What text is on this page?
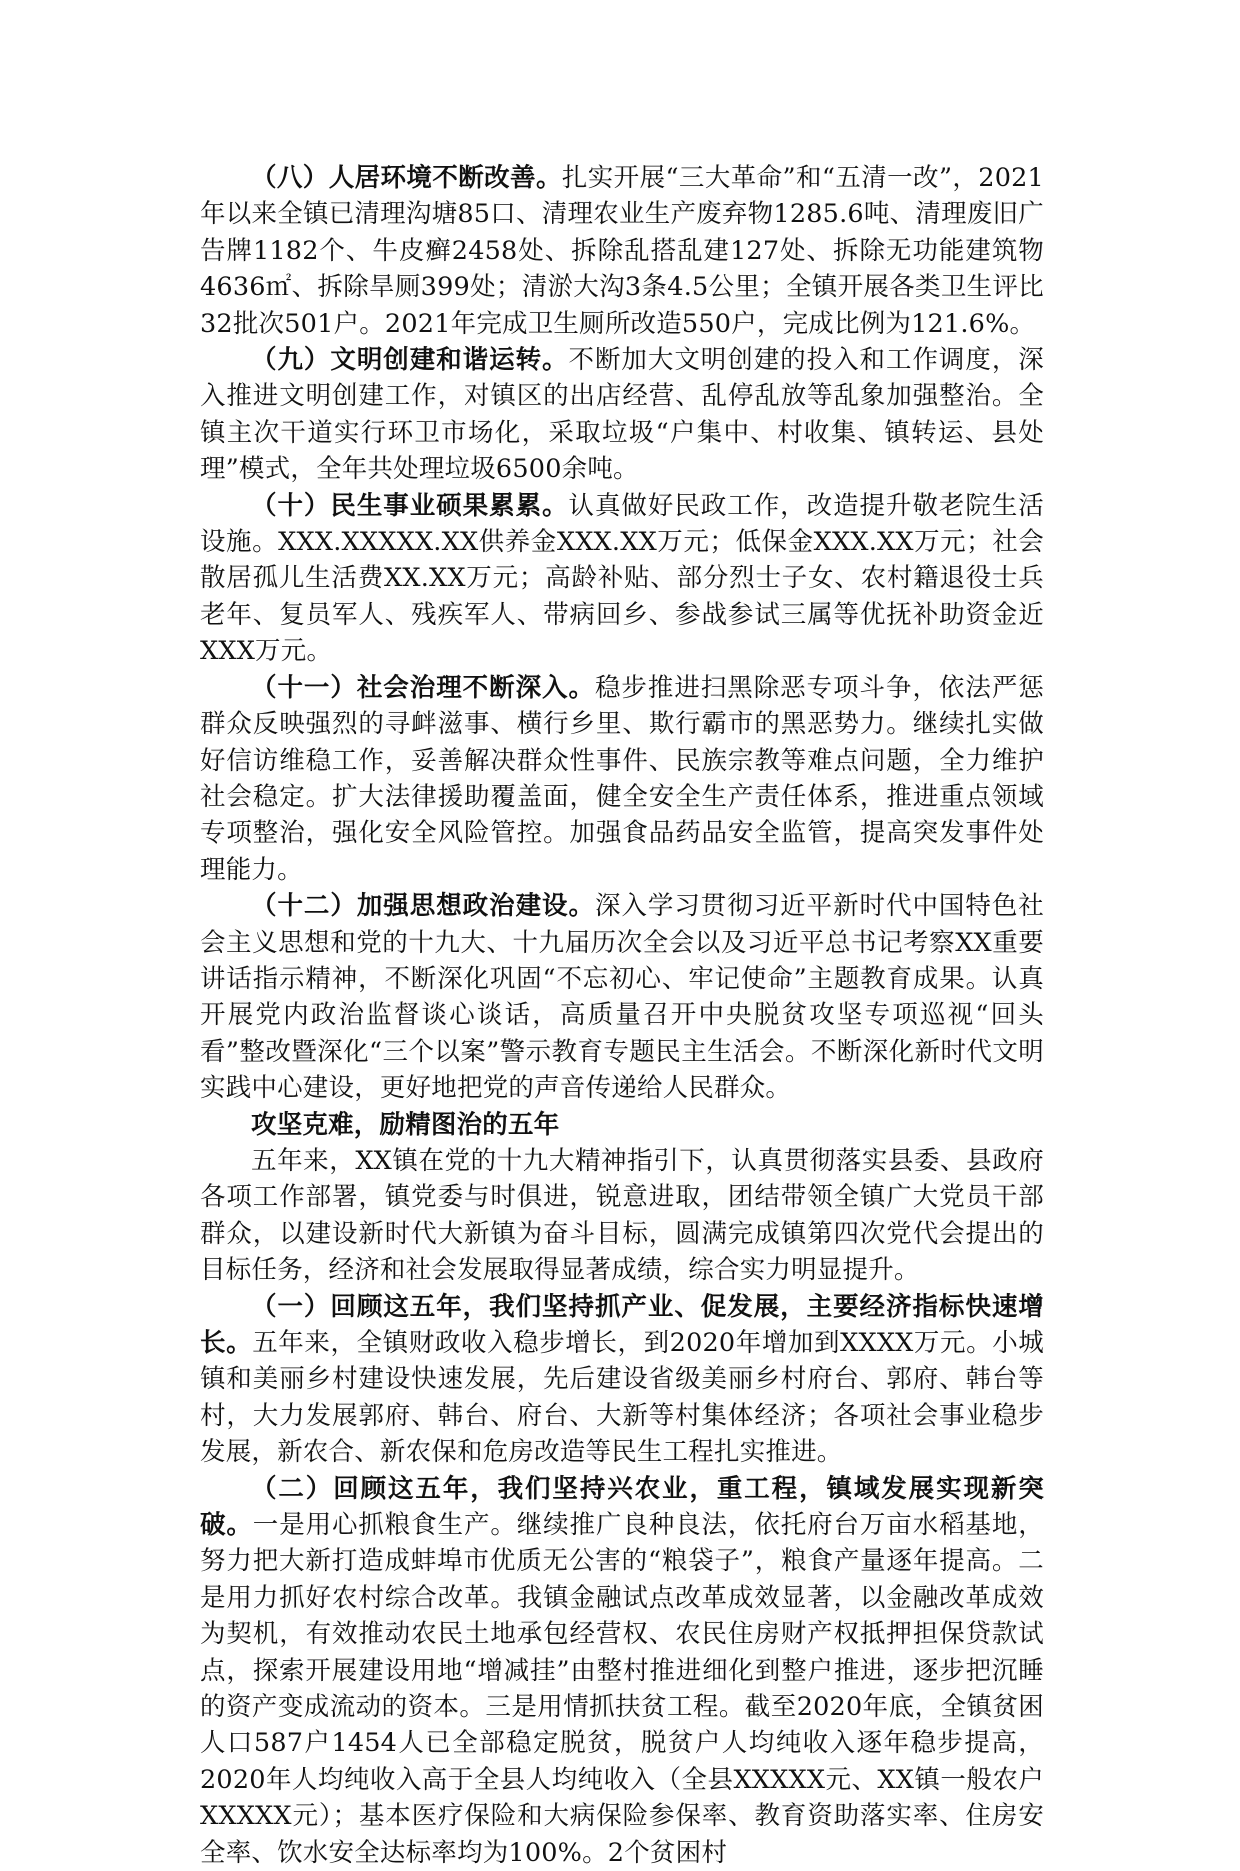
（八）人居环境不断改善。扎实开展“三大革命”和“五清一改”，2021年以来全镇已清理沟塘85口、清理农业生产废弃物1285.6吨、清理废旧广告牌1182个、牛皮癣2458处、拆除乱搭乱建127处、拆除无功能建筑物4636㎡、拆除旱厕399处；清淤大沟3条4.5公里；全镇开展各类卫生评比32批次501户。2021年完成卫生厕所改造550户，完成比例为121.6%。

（九）文明创建和谐运转。不断加大文明创建的投入和工作调度，深入推进文明创建工作，对镇区的出店经营、乱停乱放等乱象加强整治。全镇主次干道实行环卫市场化，采取垃圾“户集中、村收集、镇转运、县处理”模式，全年共处理垃圾6500余吨。

（十）民生事业硕果累累。认真做好民政工作，改造提升敬老院生活设施。XXX.XXXXX.XX供养金XXX.XX万元；低保金XXX.XX万元；社会散居孤儿生活费XX.XX万元；高龄补贴、部分烈士子女、农村籍退役士兵老年、复员军人、残疾军人、带病回乡、参战参试三属等优抚补助资金近XXX万元。

（十一）社会治理不断深入。稳步推进扫黑除恶专项斗争，依法严惩群众反映强烈的寻衅滋事、横行乡里、欺行霸市的黑恶势力。继续扎实做好信访维稳工作，妥善解决群众性事件、民族宗教等难点问题，全力维护社会稳定。扩大法律援助覆盖面，健全安全生产责任体系，推进重点领域专项整治，强化安全风险管控。加强食品药品安全监管，提高突发事件处理能力。

（十二）加强思想政治建设。深入学习贯彻习近平新时代中国特色社会主义思想和党的十九大、十九届历次全会以及习近平总书记考察XX重要讲话指示精神，不断深化巩固“不忘初心、牢记使命”主题教育成果。认真开展党内政治监督谈心谈话，高质量召开中央脱贫攻坚专项巡视“回头看”整改暨深化“三个以案”警示教育专题民主生活会。不断深化新时代文明实践中心建设，更好地把党的声音传递给人民群众。

攻坚克难，励精图治的五年

五年来，XX镇在党的十九大精神指引下，认真贯彻落实县委、县政府各项工作部署，镇党委与时俱进，锐意进取，团结带领全镇广大党员干部群众，以建设新时代大新镇为奋斗目标，圆满完成镇第四次党代会提出的目标任务，经济和社会发展取得显著成绩，综合实力明显提升。

（一）回顾这五年，我们坚持抓产业、促发展，主要经济指标快速增长。五年来，全镇财政收入稳步增长，到2020年增加到XXXX万元。小城镇和美丽乡村建设快速发展，先后建设省级美丽乡村府台、郭府、韩台等村，大力发展郭府、韩台、府台、大新等村集体经济；各项社会事业稳步发展，新农合、新农保和危房改造等民生工程扎实推进。

（二）回顾这五年，我们坚持兴农业，重工程，镇域发展实现新突破。一是用心抓粮食生产。继续推广良种良法，依托府台万亩水稻基地，努力把大新打造成蚌埠市优质无公害的“粮袋子”，粮食产量逐年提高。二是用力抓好农村综合改革。我镇金融试点改革成效显著，以金融改革成效为契机，有效推动农民土地承包经营权、农民住房财产权抵押担保贷款试点，探索开展建设用地“增减挂”由整村推进细化到整户推进，逐步把沉睡的资产变成流动的资本。三是用情抓扶贫工程。截至2020年底，全镇贫困人口587户1454人已全部稳定脱贫，脱贫户人均纯收入逐年稳步提高，2020年人均纯收入高于全县人均纯收入（全县XXXXX元、XX镇一般农户XXXXX元）；基本医疗保险和大病保险参保率、教育资助落实率、住房安全率、饮水安全达标率均为100%。2个贫困村
